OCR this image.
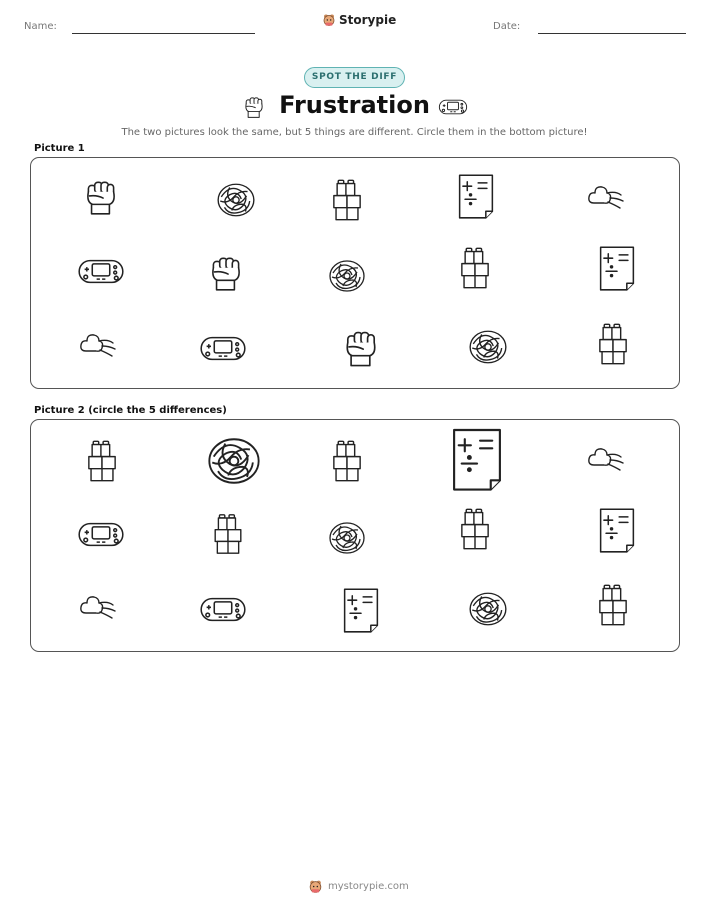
Name:	Storypie	Date:
SPOT THE DIFF
Frustration
The two pictures look the same, but 5 things are different. Circle them in the bottom picture!
Picture 1
Picture 2 (circle the 5 differences)
mystorypie.com
